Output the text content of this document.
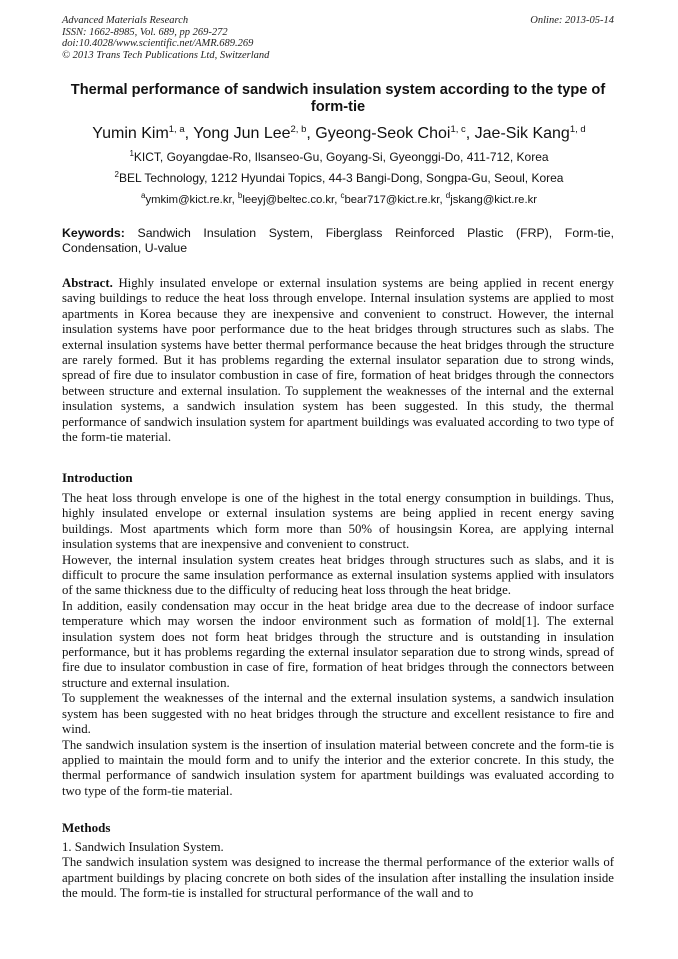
Advanced Materials Research
ISSN: 1662-8985, Vol. 689, pp 269-272
doi:10.4028/www.scientific.net/AMR.689.269
© 2013 Trans Tech Publications Ltd, Switzerland
Online: 2013-05-14
Thermal performance of sandwich insulation system according to the type of form-tie
Yumin Kim$^{1, a}$, Yong Jun Lee$^{2, b}$, Gyeong-Seok Choi$^{1, c}$, Jae-Sik Kang$^{1, d}$
$^1$KICT, Goyangdae-Ro, Ilsanseo-Gu, Goyang-Si, Gyeonggi-Do, 411-712, Korea
$^2$BEL Technology, 1212 Hyundai Topics, 44-3 Bangi-Dong, Songpa-Gu, Seoul, Korea
$^a$ymkim@kict.re.kr, $^b$leeyj@beltec.co.kr, $^c$bear717@kict.re.kr, $^d$jskang@kict.re.kr
Keywords: Sandwich Insulation System, Fiberglass Reinforced Plastic (FRP), Form-tie, Condensation, U-value

Abstract. Highly insulated envelope or external insulation systems are being applied in recent energy saving buildings to reduce the heat loss through envelope. Internal insulation systems are applied to most apartments in Korea because they are inexpensive and convenient to construct. However, the internal insulation systems have poor performance due to the heat bridges through structures such as slabs. The external insulation systems have better thermal performance because the heat bridges through the structure are rarely formed. But it has problems regarding the external insulator separation due to strong winds, spread of fire due to insulator combustion in case of fire, formation of heat bridges through the connectors between structure and external insulation. To supplement the weaknesses of the internal and the external insulation systems, a sandwich insulation system has been suggested. In this study, the thermal performance of sandwich insulation system for apartment buildings was evaluated according to two type of the form-tie material.

Introduction

The heat loss through envelope is one of the highest in the total energy consumption in buildings. Thus, highly insulated envelope or external insulation systems are being applied in recent energy saving buildings. Most apartments which form more than 50% of housingsin Korea, are applying internal insulation systems that are inexpensive and convenient to construct.

However, the internal insulation system creates heat bridges through structures such as slabs, and it is difficult to procure the same insulation performance as external insulation systems applied with insulators of the same thickness due to the difficulty of reducing heat loss through the heat bridge.

In addition, easily condensation may occur in the heat bridge area due to the decrease of indoor surface temperature which may worsen the indoor environment such as formation of mold[1]. The external insulation system does not form heat bridges through the structure and is outstanding in insulation performance, but it has problems regarding the external insulator separation due to strong winds, spread of fire due to insulator combustion in case of fire, formation of heat bridges through the connectors between structure and external insulation.

To supplement the weaknesses of the internal and the external insulation systems, a sandwich insulation system has been suggested with no heat bridges through the structure and excellent resistance to fire and wind.

The sandwich insulation system is the insertion of insulation material between concrete and the form-tie is applied to maintain the mould form and to unify the interior and the exterior concrete. In this study, the thermal performance of sandwich insulation system for apartment buildings was evaluated according to two type of the form-tie material.

Methods

1. Sandwich Insulation System.

The sandwich insulation system was designed to increase the thermal performance of the exterior walls of apartment buildings by placing concrete on both sides of the insulation after installing the insulation inside the mould. The form-tie is installed for structural performance of the wall and to
